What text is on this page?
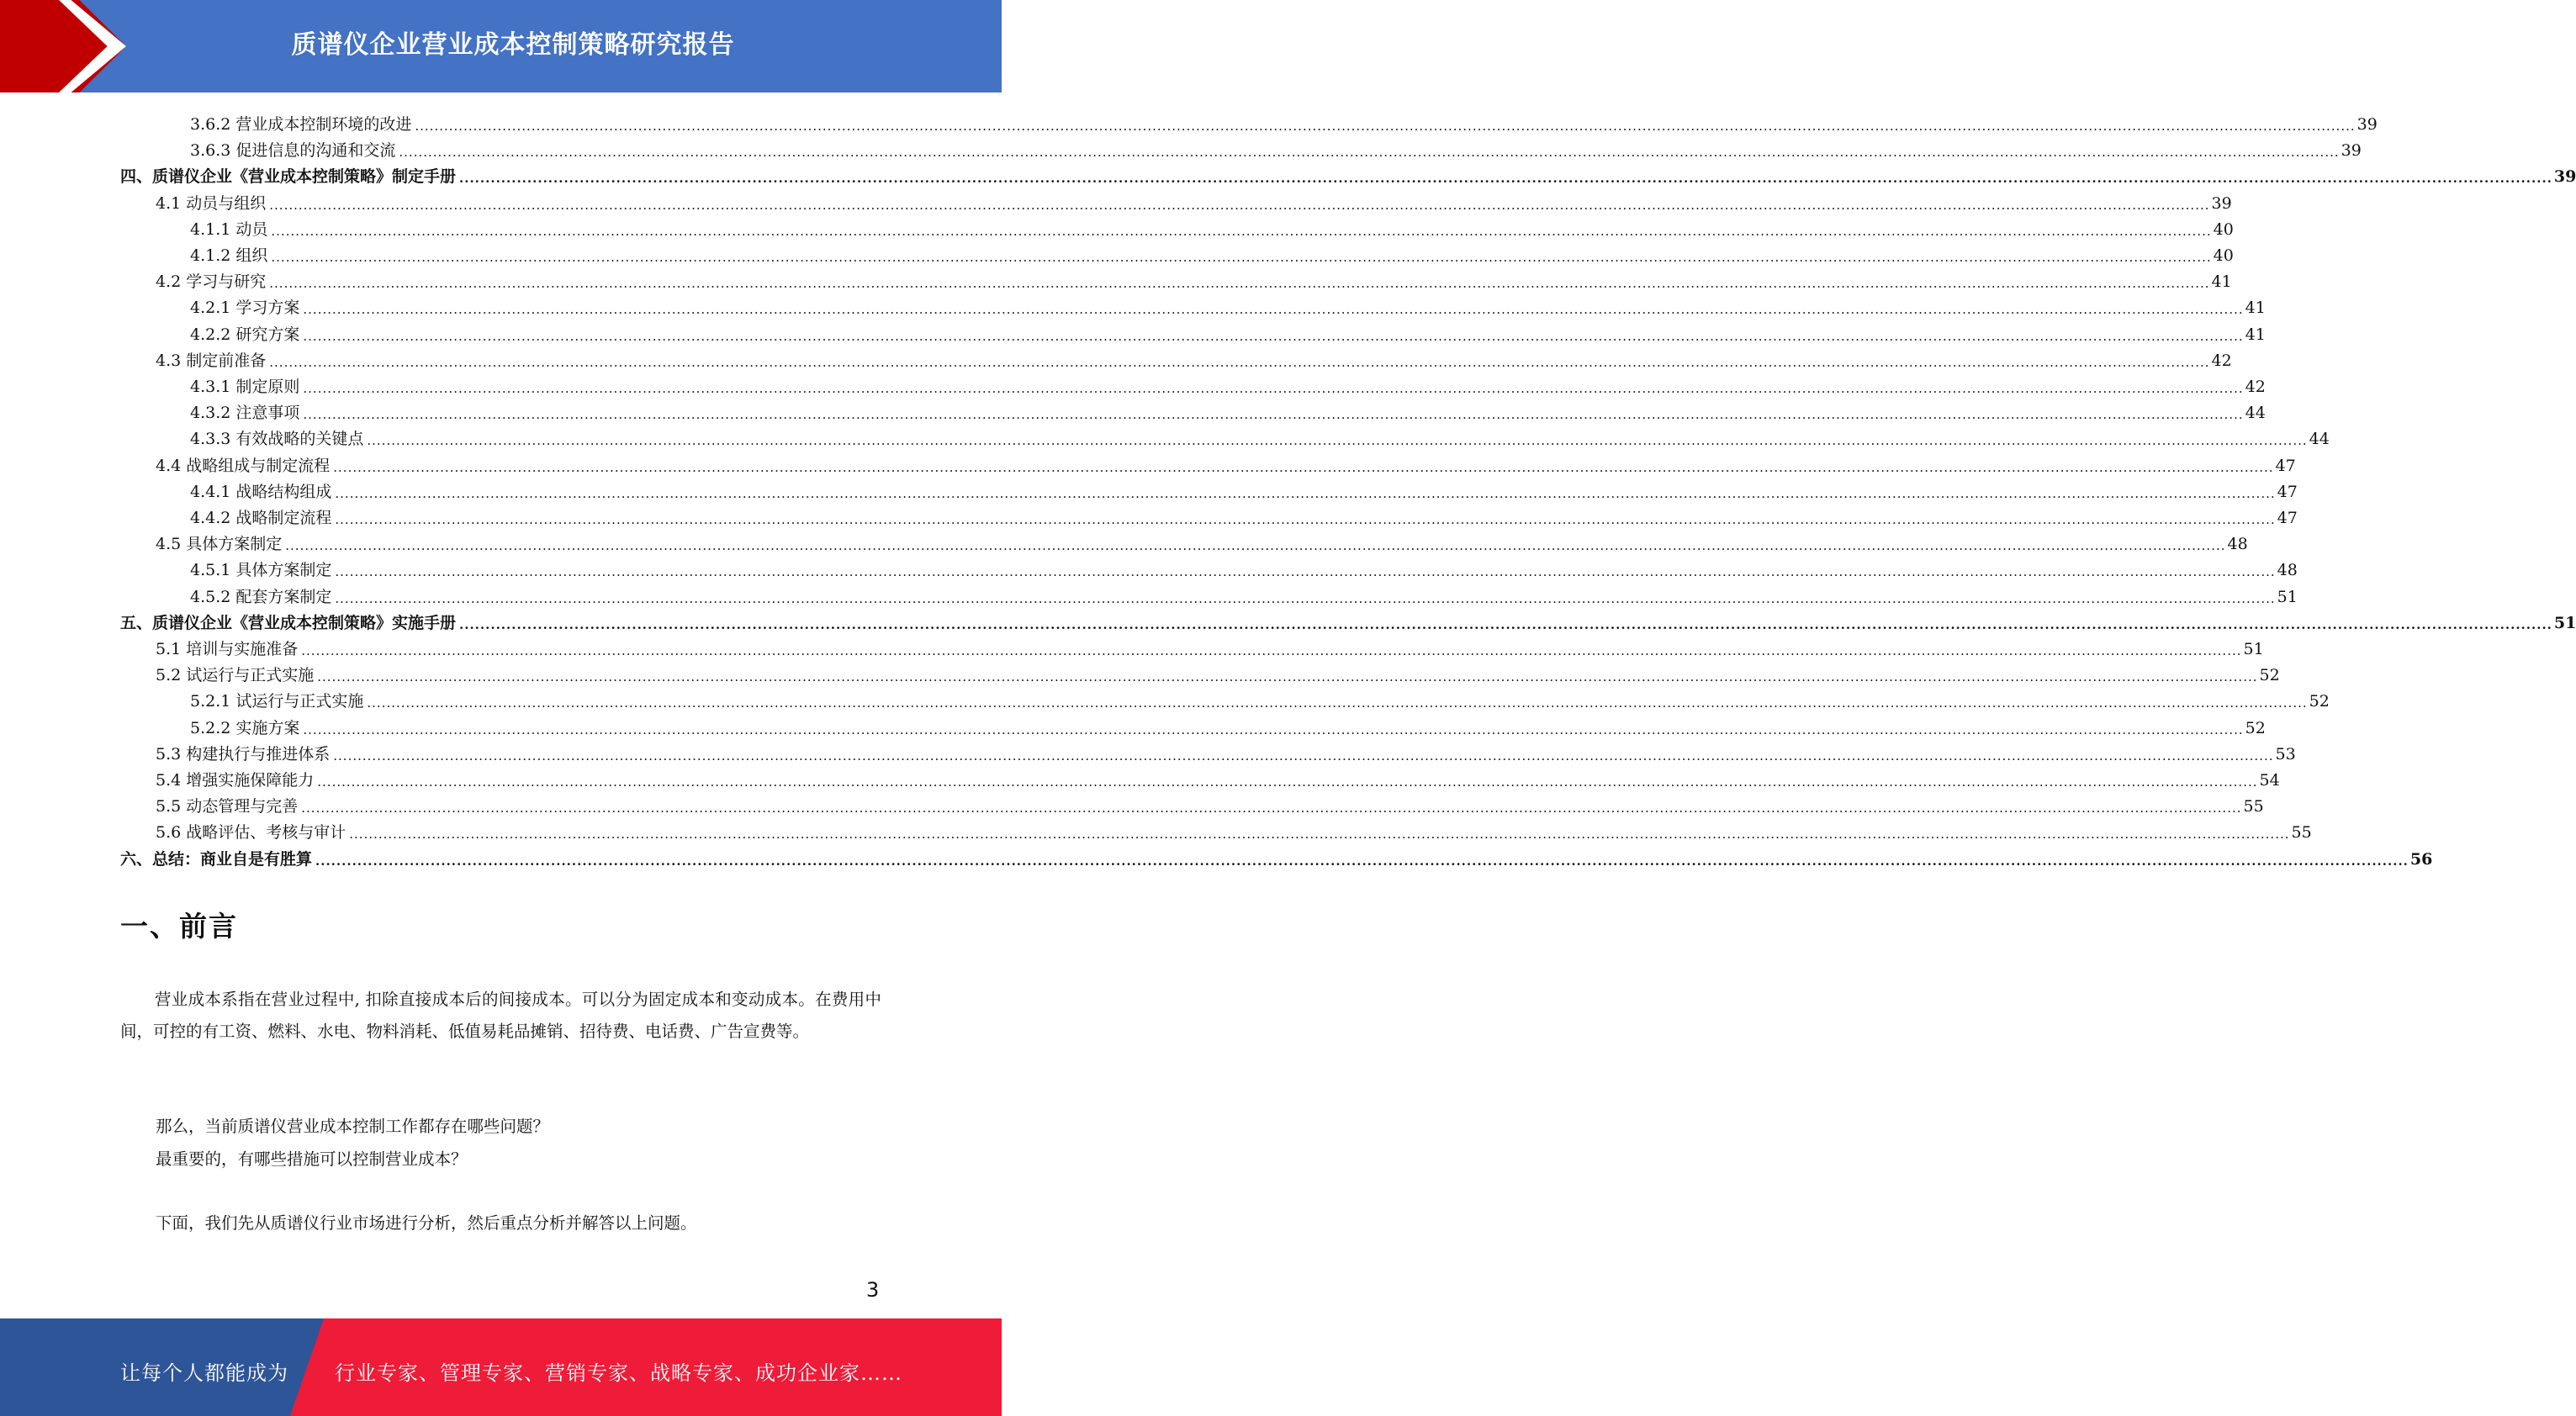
质谱仪企业营业成本控制策略研究报告
3.6.2 营业成本控制环境的改进 ................................................................................................................................................................................................................................................................................................................................................................................................................ 39
3.6.3 促进信息的沟通和交流 ................................................................................................................................................................................................................................................................................................................................................................................................................ 39
四、质谱仪企业《营业成本控制策略》制定手册 ................................................................................................................................................................................................................................................................................................................................................................................................................ 39
4.1 动员与组织 ................................................................................................................................................................................................................................................................................................................................................................................................................ 39
4.1.1 动员 ................................................................................................................................................................................................................................................................................................................................................................................................................ 40
4.1.2 组织 ................................................................................................................................................................................................................................................................................................................................................................................................................ 40
4.2 学习与研究 ................................................................................................................................................................................................................................................................................................................................................................................................................ 41
4.2.1 学习方案 ................................................................................................................................................................................................................................................................................................................................................................................................................ 41
4.2.2 研究方案 ................................................................................................................................................................................................................................................................................................................................................................................................................ 41
4.3 制定前准备 ................................................................................................................................................................................................................................................................................................................................................................................................................ 42
4.3.1 制定原则 ................................................................................................................................................................................................................................................................................................................................................................................................................ 42
4.3.2 注意事项 ................................................................................................................................................................................................................................................................................................................................................................................................................ 44
4.3.3 有效战略的关键点 ................................................................................................................................................................................................................................................................................................................................................................................................................ 44
4.4 战略组成与制定流程 ................................................................................................................................................................................................................................................................................................................................................................................................................ 47
4.4.1 战略结构组成 ................................................................................................................................................................................................................................................................................................................................................................................................................ 47
4.4.2 战略制定流程 ................................................................................................................................................................................................................................................................................................................................................................................................................ 47
4.5 具体方案制定 ................................................................................................................................................................................................................................................................................................................................................................................................................ 48
4.5.1 具体方案制定 ................................................................................................................................................................................................................................................................................................................................................................................................................ 48
4.5.2 配套方案制定 ................................................................................................................................................................................................................................................................................................................................................................................................................ 51
五、质谱仪企业《营业成本控制策略》实施手册 ................................................................................................................................................................................................................................................................................................................................................................................................................ 51
5.1 培训与实施准备 ................................................................................................................................................................................................................................................................................................................................................................................................................ 51
5.2 试运行与正式实施 ................................................................................................................................................................................................................................................................................................................................................................................................................ 52
5.2.1 试运行与正式实施 ................................................................................................................................................................................................................................................................................................................................................................................................................ 52
5.2.2 实施方案 ................................................................................................................................................................................................................................................................................................................................................................................................................ 52
5.3 构建执行与推进体系 ................................................................................................................................................................................................................................................................................................................................................................................................................ 53
5.4 增强实施保障能力 ................................................................................................................................................................................................................................................................................................................................................................................................................ 54
5.5 动态管理与完善 ................................................................................................................................................................................................................................................................................................................................................................................................................ 55
5.6 战略评估、考核与审计 ................................................................................................................................................................................................................................................................................................................................................................................................................ 55
六、总结：商业自是有胜算 ................................................................................................................................................................................................................................................................................................................................................................................................................ 56
一、前言
营业成本系指在营业过程中, 扣除直接成本后的间接成本。可以分为固定成本和变动成本。在费用中间，可控的有工资、燃料、水电、物料消耗、低值易耗品摊销、招待费、电话费、广告宣费等。
那么，当前质谱仪营业成本控制工作都存在哪些问题？
最重要的，有哪些措施可以控制营业成本？
下面，我们先从质谱仪行业市场进行分析，然后重点分析并解答以上问题。
3
让每个人都能成为 行业专家、管理专家、营销专家、战略专家、成功企业家……
